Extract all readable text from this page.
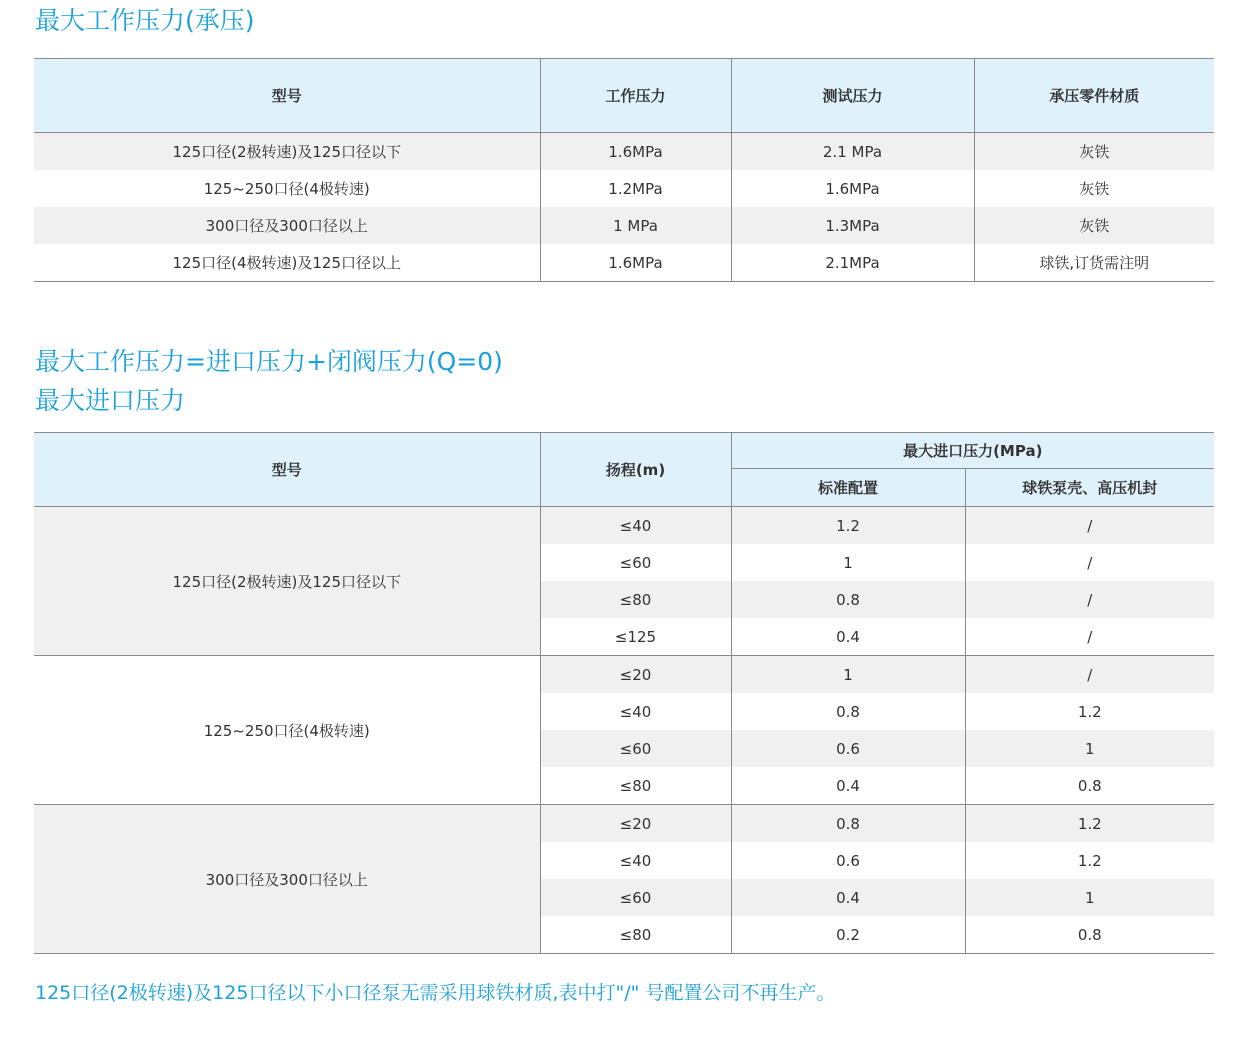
最大工作压力(承压)
型号	工作压力	测试压力	承压零件材质
125口径(2极转速)及125口径以下	1.6MPa	2.1 MPa	灰铁
125~250口径(4极转速)	1.2MPa	1.6MPa	灰铁
300口径及300口径以上	1 MPa	1.3MPa	灰铁
125口径(4极转速)及125口径以上	1.6MPa	2.1MPa	球铁,订货需注明
最大工作压力=进口压力+闭阀压力(Q=0)
最大进口压力
型号	扬程(m)	最大进口压力(MPa)	
		标准配置	球铁泵壳、高压机封
125口径(2极转速)及125口径以下	≤40	1.2	/
	≤60	1	/
	≤80	0.8	/
	≤125	0.4	/
125~250口径(4极转速)	≤20	1	/
	≤40	0.8	1.2
	≤60	0.6	1
	≤80	0.4	0.8
300口径及300口径以上	≤20	0.8	1.2
	≤40	0.6	1.2
	≤60	0.4	1
	≤80	0.2	0.8

125口径(2极转速)及125口径以下小口径泵无需采用球铁材质,表中打"/" 号配置公司不再生产。
